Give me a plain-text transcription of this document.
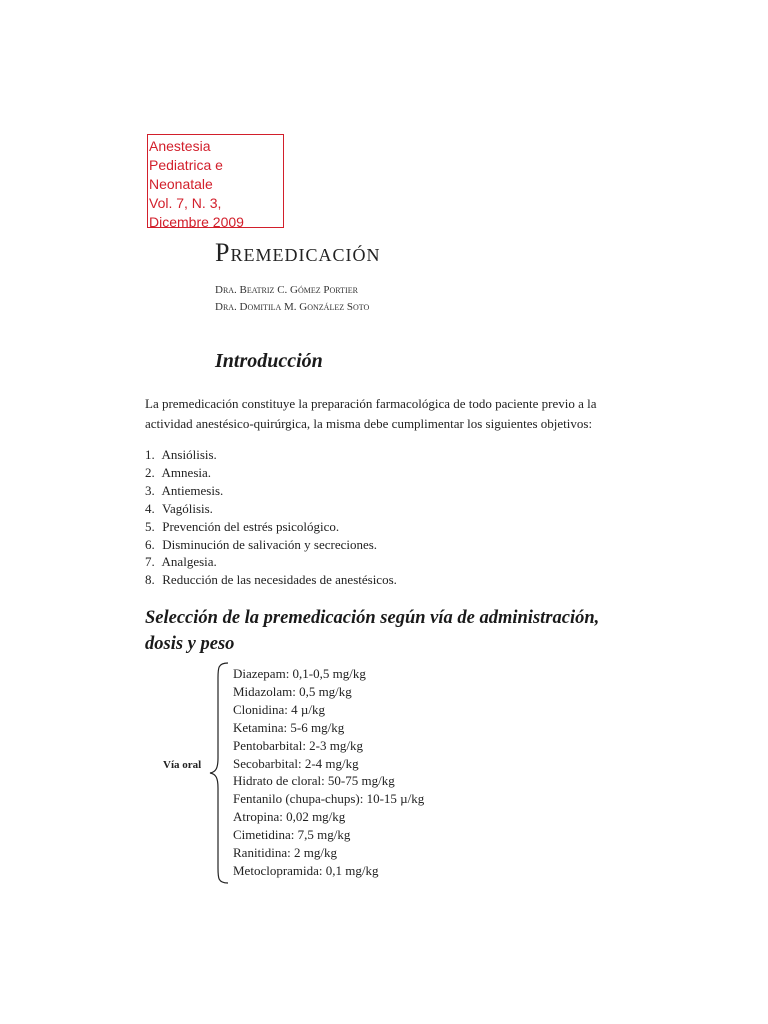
Anestesia
Pediatrica e
Neonatale
Vol. 7, N. 3,
Dicembre 2009
Premedicación
Dra. Beatriz C. Gómez Portier
Dra. Domitila M. González Soto
Introducción
La premedicación constituye la preparación farmacológica de todo paciente previo a la actividad anestésico-quirúrgica, la misma debe cumplimentar los siguientes objetivos:
1. Ansiólisis.
2. Amnesia.
3. Antiemesis.
4. Vagólisis.
5. Prevención del estrés psicológico.
6. Disminución de salivación y secreciones.
7. Analgesia.
8. Reducción de las necesidades de anestésicos.
Selección de la premedicación según vía de administración, dosis y peso
Vía oral
Diazepam: 0,1-0,5 mg/kg
Midazolam: 0,5 mg/kg
Clonidina: 4 µ/kg
Ketamina: 5-6 mg/kg
Pentobarbital: 2-3 mg/kg
Secobarbital: 2-4 mg/kg
Hidrato de cloral: 50-75 mg/kg
Fentanilo (chupa-chups): 10-15 µ/kg
Atropina: 0,02 mg/kg
Cimetidina: 7,5 mg/kg
Ranitidina: 2 mg/kg
Metoclopramida: 0,1 mg/kg
